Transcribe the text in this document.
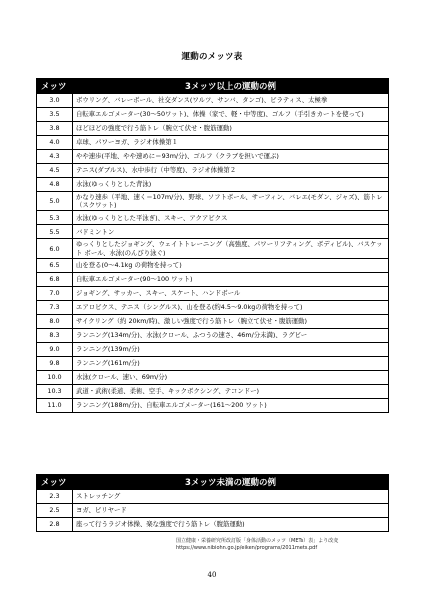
運動のメッツ表
メッツ	3メッツ以上の運動の例
3.0	ボウリング、バレーボール、社交ダンス(ワルツ、サンバ、タンゴ)、ピラティス、太極拳
3.5	自転車エルゴメーター(30～50ワット)、体操（家で、軽・中等度)、ゴルフ（手引きカートを使って)
3.8	ほどほどの強度で行う筋トレ（腕立て伏せ・腹筋運動)
4.0	卓球、パワーヨガ、ラジオ体操第１
4.3	やや速歩(平地、やや速めに＝93m/分)、ゴルフ（クラブを担いで運ぶ)
4.5	テニス(ダブルス)、水中歩行（中等度)、ラジオ体操第２
4.8	水泳(ゆっくりとした背泳)
5.0	かなり速歩（平地、速く＝107m/分)、野球、ソフトボール、サーフィン、バレエ(モダン、ジャズ)、筋トレ（スクワット)
5.3	水泳(ゆっくりとした平泳ぎ)、スキー、アクアビクス
5.5	バドミントン
6.0	ゆっくりとしたジョギング、ウェイトトレーニング（高強度、パワーリフティング、ボディビル)、バスケット ボール、水泳(のんびり泳ぐ)
6.5	山を登る(0～4.1kg の荷物を持って)
6.8	自転車エルゴメーター(90～100 ワット)
7.0	ジョギング、サッカー、スキー、スケート、ハンドボール
7.3	エアロビクス、テニス（シングルス)、山を登る(約4.5～9.0kgの荷物を持って)
8.0	サイクリング（約 20km/時)、激しい強度で行う筋トレ（腕立て伏せ・腹筋運動)
8.3	ランニング(134m/分)、水泳(クロール、ふつうの速さ、46m/分未満)、ラグビー
9.0	ランニング(139m/分)
9.8	ランニング(161m/分)
10.0	水泳(クロール、速い、69m/分)
10.3	武道・武術(柔道、柔術、空手、キックボクシング、テコンドー)
11.0	ランニング(188m/分)、自転車エルゴメーター(161～200 ワット)
メッツ	3メッツ未満の運動の例
2.3	ストレッチング
2.5	ヨガ、ビリヤード
2.8	座って行うラジオ体操、楽な強度で行う筋トレ（腹筋運動)
国立健康・栄養研究所改訂版「身体活動のメッツ（METs）表」より改変
https://www.nibiohn.go.jp/eiken/programs/2011mets.pdf
40
